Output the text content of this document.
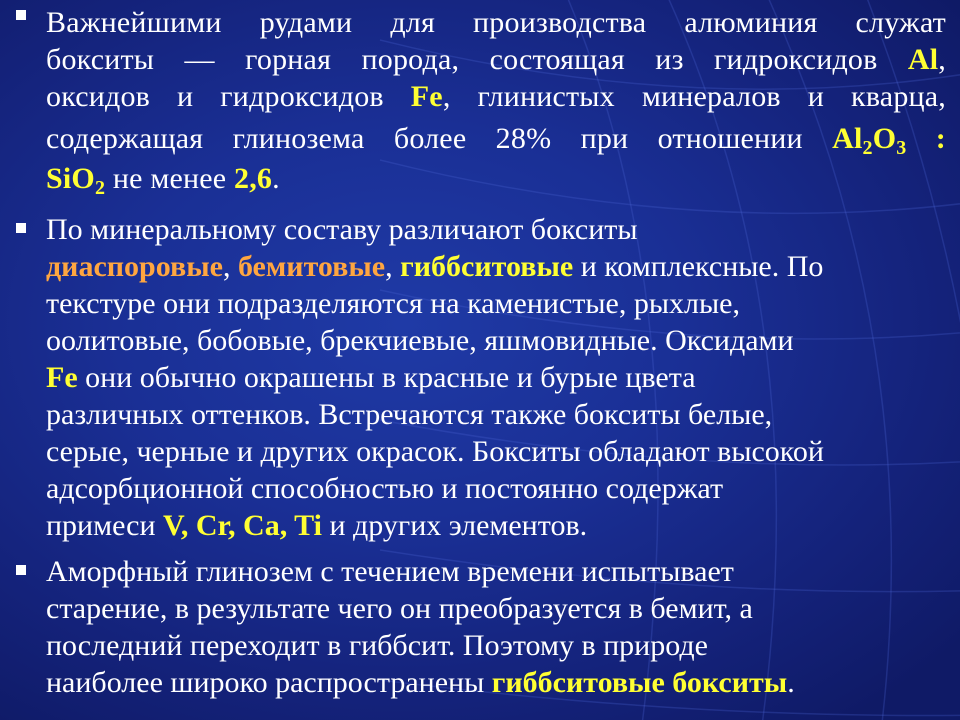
Важнейшими рудами для производства алюминия служат
бокситы — горная порода, состоящая из гидроксидов Al,
оксидов и гидроксидов Fe, глинистых минералов и кварца,
содержащая глинозема более 28% при отношении $Al_2O_3$ :
SiO$_2$ не менее 2,6.
По минеральному составу различают бокситы
диаспоровые, бемитовые, гиббситовые и комплексные. По
текстуре они подразделяются на каменистые, рыхлые,
оолитовые, бобовые, брекчиевые, яшмовидные. Оксидами
Fe они обычно окрашены в красные и бурые цвета
различных оттенков. Встречаются также бокситы белые,
серые, черные и других окрасок. Бокситы обладают высокой
адсорбционной способностью и постоянно содержат
примеси V, Cr, Ca, Ti и других элементов.
Аморфный глинозем с течением времени испытывает
старение, в результате чего он преобразуется в бемит, а
последний переходит в гиббсит. Поэтому в природе
наиболее широко распространены гиббситовые бокситы.
